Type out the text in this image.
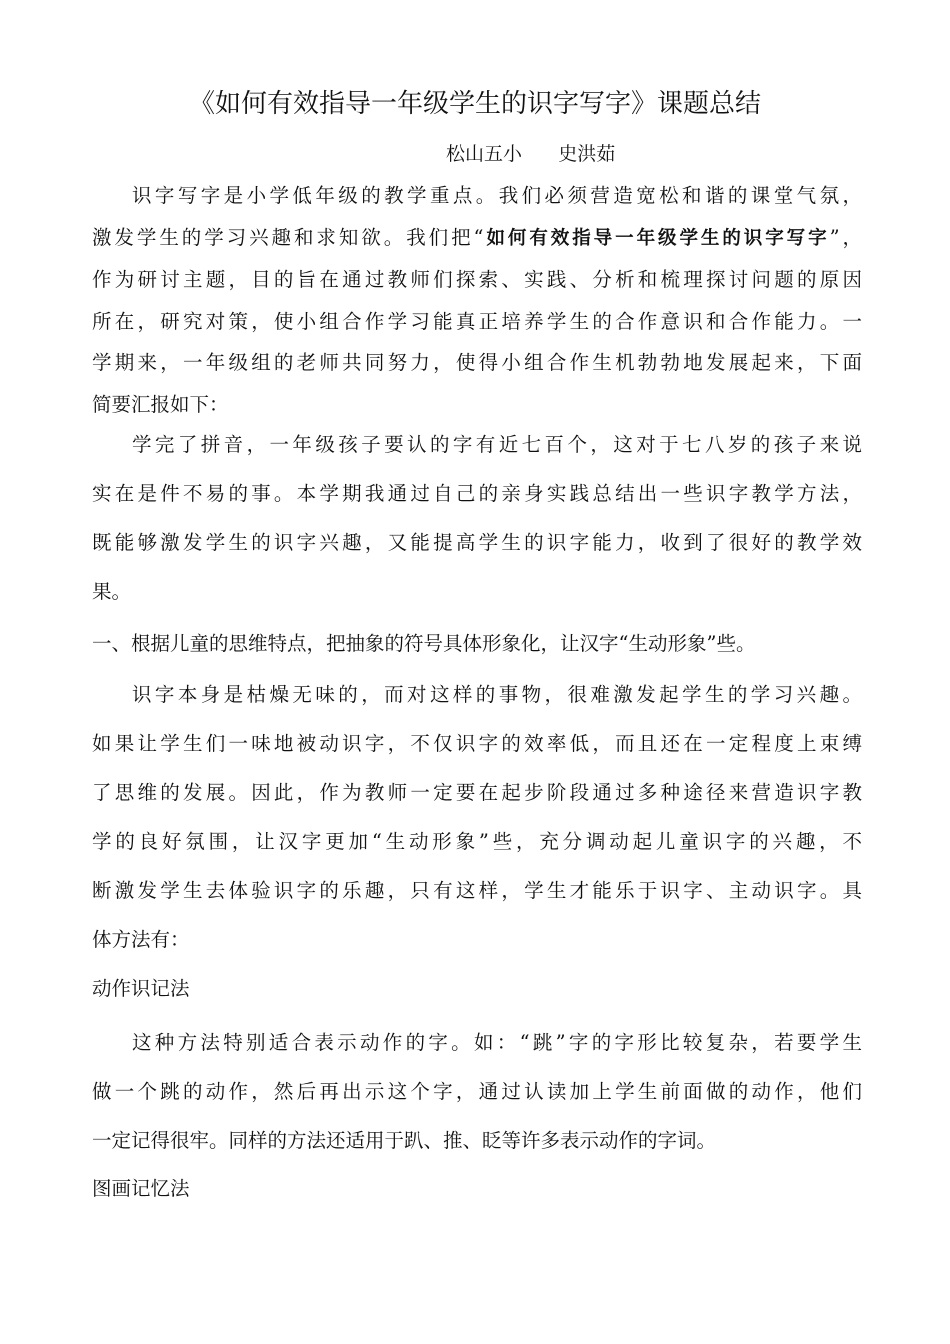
《如何有效指导一年级学生的识字写字》课题总结
松山五小      史洪茹
识字写字是小学低年级的教学重点。我们必须营造宽松和谐的课堂气氛，
激发学生的学习兴趣和求知欲。我们把“如何有效指导一年级学生的识字写字”，
作为研讨主题，目的旨在通过教师们探索、实践、分析和梳理探讨问题的原因
所在，研究对策，使小组合作学习能真正培养学生的合作意识和合作能力。一
学期来，一年级组的老师共同努力，使得小组合作生机勃勃地发展起来，下面
简要汇报如下：
学完了拼音，一年级孩子要认的字有近七百个，这对于七八岁的孩子来说
实在是件不易的事。本学期我通过自己的亲身实践总结出一些识字教学方法，
既能够激发学生的识字兴趣，又能提高学生的识字能力，收到了很好的教学效
果。
一、根据儿童的思维特点，把抽象的符号具体形象化，让汉字“生动形象”些。
识字本身是枯燥无味的，而对这样的事物，很难激发起学生的学习兴趣。
如果让学生们一味地被动识字，不仅识字的效率低，而且还在一定程度上束缚
了思维的发展。因此，作为教师一定要在起步阶段通过多种途径来营造识字教
学的良好氛围，让汉字更加“生动形象”些，充分调动起儿童识字的兴趣，不
断激发学生去体验识字的乐趣，只有这样，学生才能乐于识字、主动识字。具
体方法有：
动作识记法
这种方法特别适合表示动作的字。如：“跳”字的字形比较复杂，若要学生
做一个跳的动作，然后再出示这个字，通过认读加上学生前面做的动作，他们
一定记得很牢。同样的方法还适用于趴、推、眨等许多表示动作的字词。
图画记忆法
